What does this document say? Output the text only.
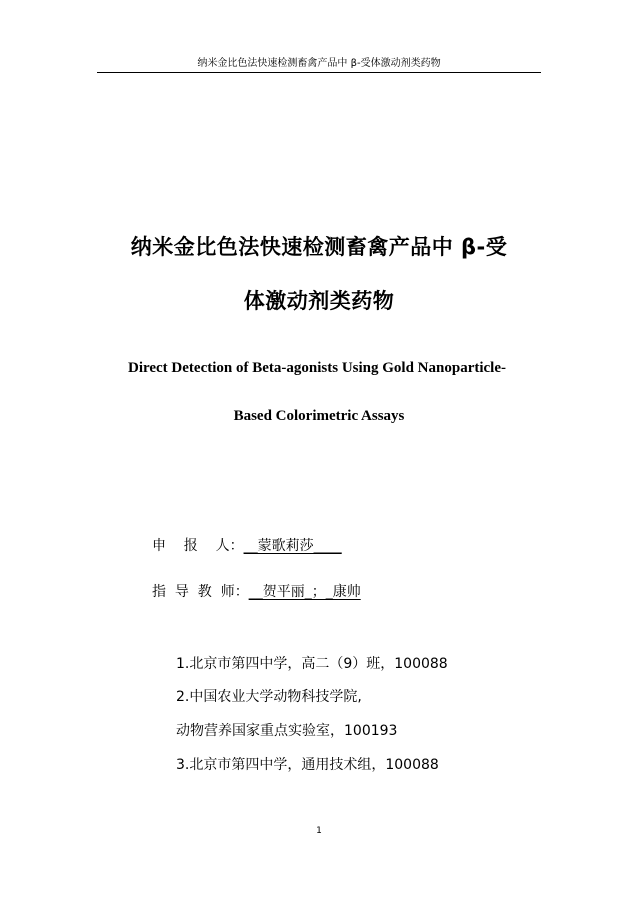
纳米金比色法快速检测畜禽产品中 β-受体激动剂类药物
纳米金比色法快速检测畜禽产品中 β-受
体激动剂类药物
Direct Detection of Beta-agonists Using Gold Nanoparticle-
Based Colorimetric Assays
申    报    人：__蒙歌莉莎____
指  导  教  师：__贺平丽_；_康帅
1.北京市第四中学，高二（9）班，100088
2.中国农业大学动物科技学院,
动物营养国家重点实验室，100193
3.北京市第四中学，通用技术组，100088
1
